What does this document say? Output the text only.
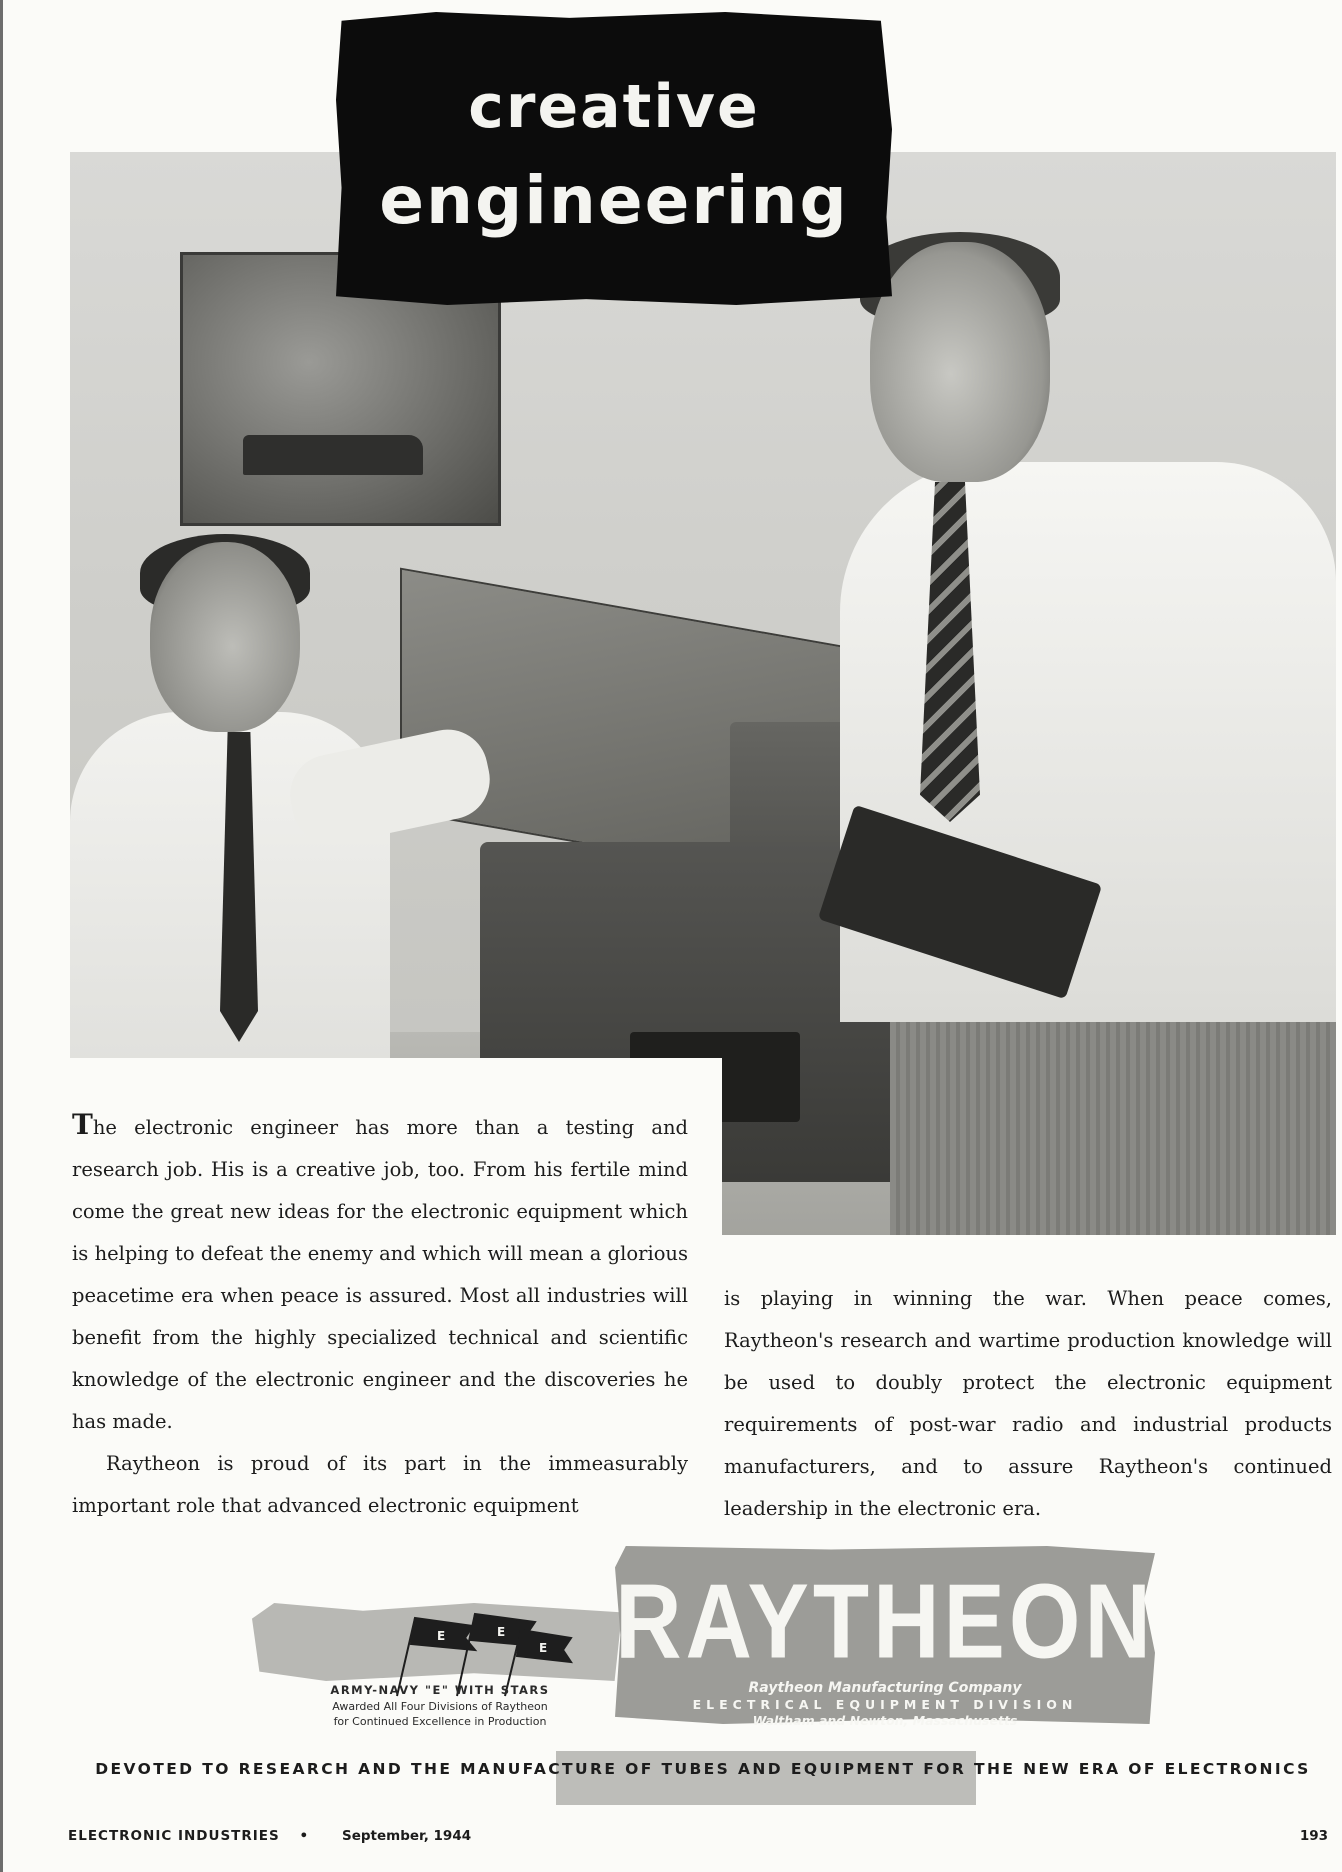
creative
engineering

The electronic engineer has more than a testing and research job. His is a creative job, too. From his fertile mind come the great new ideas for the electronic equipment which is helping to defeat the enemy and which will mean a glorious peacetime era when peace is assured. Most all industries will benefit from the highly specialized technical and scientific knowledge of the electronic engineer and the discoveries he has made.

Raytheon is proud of its part in the immeasurably important role that advanced electronic equipment

is playing in winning the war. When peace comes, Raytheon's research and wartime production knowledge will be used to doubly protect the electronic equipment requirements of post-war radio and industrial products manufacturers, and to assure Raytheon's continued leadership in the electronic era.

E	E
E
ARMY-NAVY "E" WITH STARS
Awarded All Four Divisions of Raytheon
for Continued Excellence in Production
RAYTHEON
Raytheon Manufacturing Company
ELECTRICAL EQUIPMENT DIVISION
Waltham and Newton, Massachusetts
DEVOTED TO RESEARCH AND THE MANUFACTURE OF TUBES AND EQUIPMENT FOR THE NEW ERA OF ELECTRONICS
ELECTRONIC INDUSTRIES • September, 1944	193
